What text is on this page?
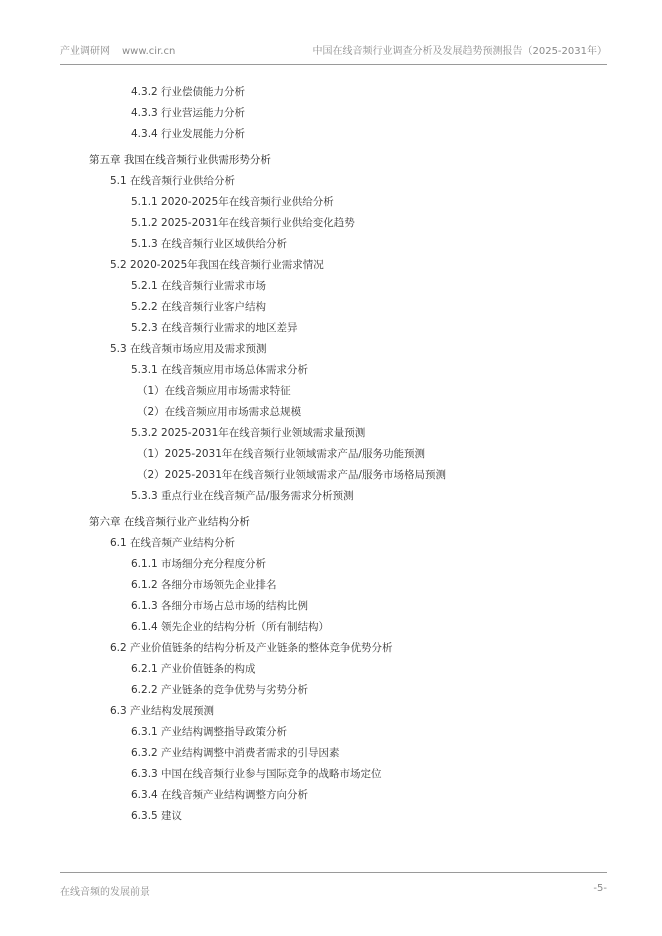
产业调研网 www.cir.cn	中国在线音频行业调查分析及发展趋势预测报告（2025-2031年）
4.3.2 行业偿债能力分析
4.3.3 行业营运能力分析
4.3.4 行业发展能力分析
第五章 我国在线音频行业供需形势分析
5.1 在线音频行业供给分析
5.1.1 2020-2025年在线音频行业供给分析
5.1.2 2025-2031年在线音频行业供给变化趋势
5.1.3 在线音频行业区域供给分析
5.2 2020-2025年我国在线音频行业需求情况
5.2.1 在线音频行业需求市场
5.2.2 在线音频行业客户结构
5.2.3 在线音频行业需求的地区差异
5.3 在线音频市场应用及需求预测
5.3.1 在线音频应用市场总体需求分析
（1）在线音频应用市场需求特征
（2）在线音频应用市场需求总规模
5.3.2 2025-2031年在线音频行业领域需求量预测
（1）2025-2031年在线音频行业领域需求产品/服务功能预测
（2）2025-2031年在线音频行业领域需求产品/服务市场格局预测
5.3.3 重点行业在线音频产品/服务需求分析预测
第六章 在线音频行业产业结构分析
6.1 在线音频产业结构分析
6.1.1 市场细分充分程度分析
6.1.2 各细分市场领先企业排名
6.1.3 各细分市场占总市场的结构比例
6.1.4 领先企业的结构分析（所有制结构）
6.2 产业价值链条的结构分析及产业链条的整体竞争优势分析
6.2.1 产业价值链条的构成
6.2.2 产业链条的竞争优势与劣势分析
6.3 产业结构发展预测
6.3.1 产业结构调整指导政策分析
6.3.2 产业结构调整中消费者需求的引导因素
6.3.3 中国在线音频行业参与国际竞争的战略市场定位
6.3.4 在线音频产业结构调整方向分析
6.3.5 建议
在线音频的发展前景	-5-
